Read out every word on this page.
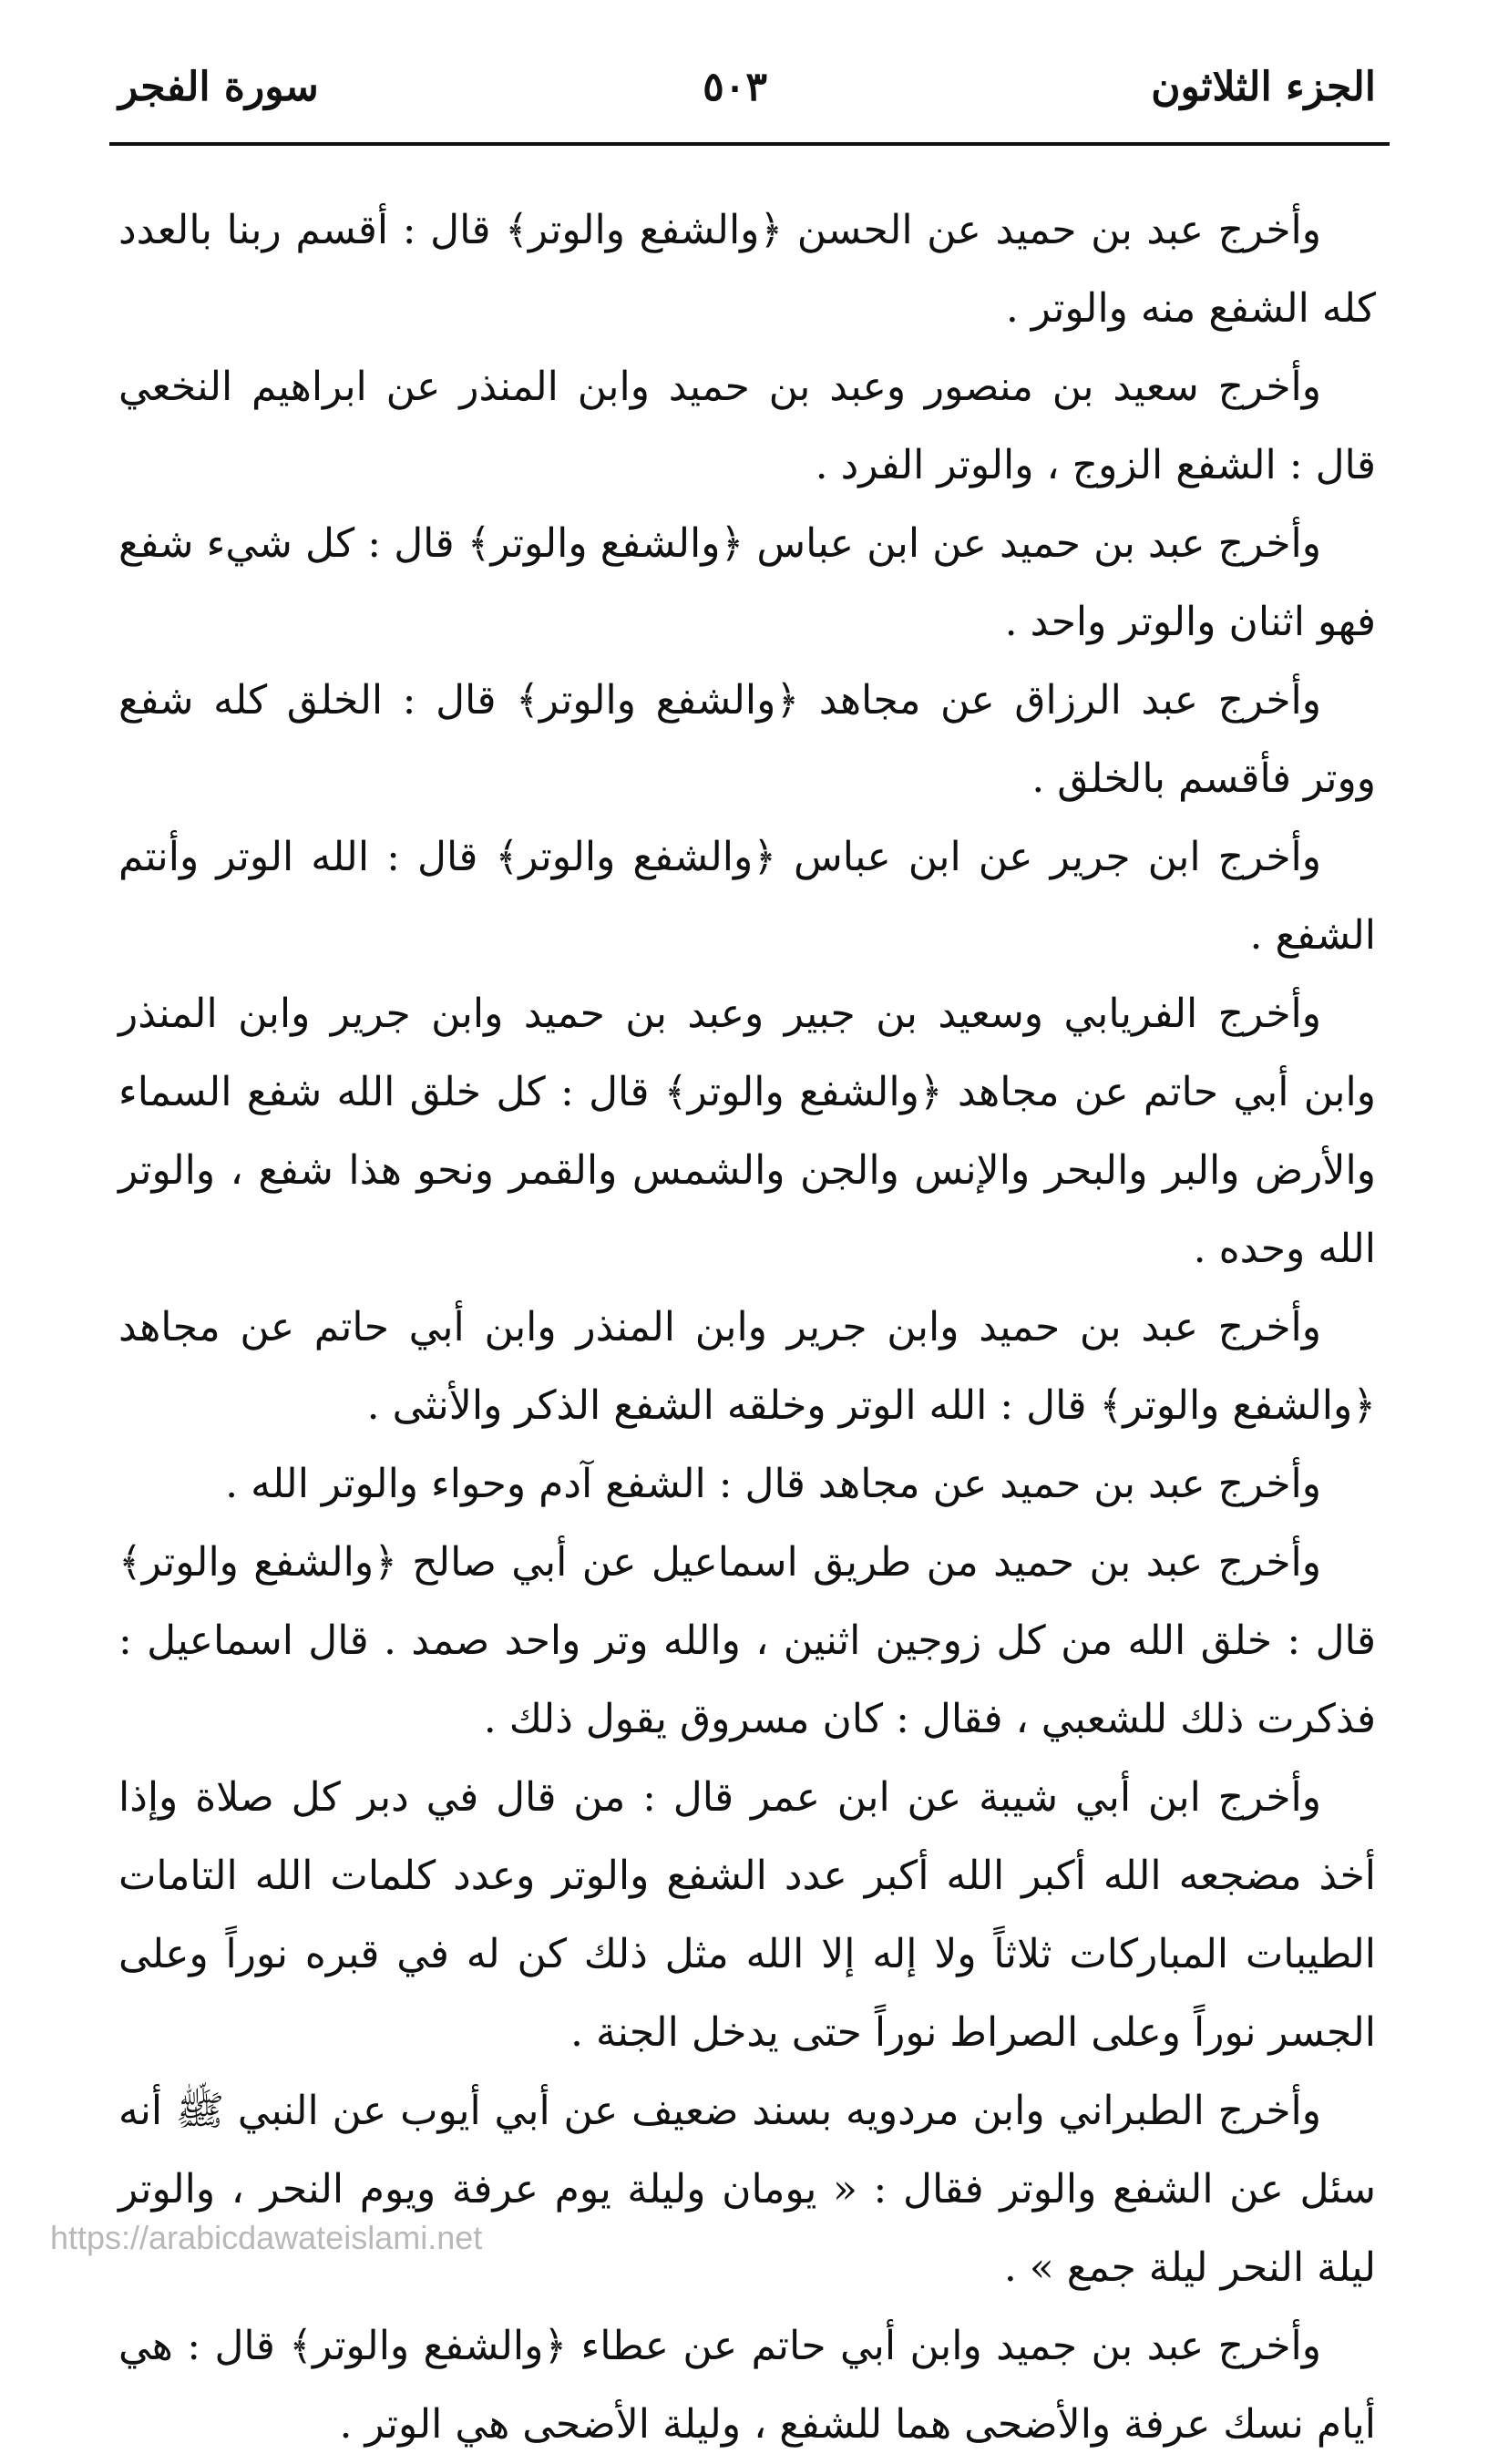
الجزء الثلاثون
٥٠٣
سورة الفجر

وأخرج عبد بن حميد عن الحسن ﴿والشفع والوتر﴾ قال : أقسم ربنا بالعدد كله الشفع منه والوتر .

وأخرج سعيد بن منصور وعبد بن حميد وابن المنذر عن ابراهيم النخعي قال : الشفع الزوج ، والوتر الفرد .

وأخرج عبد بن حميد عن ابن عباس ﴿والشفع والوتر﴾ قال : كل شيء شفع فهو اثنان والوتر واحد .

وأخرج عبد الرزاق عن مجاهد ﴿والشفع والوتر﴾ قال : الخلق كله شفع ووتر فأقسم بالخلق .

وأخرج ابن جرير عن ابن عباس ﴿والشفع والوتر﴾ قال : الله الوتر وأنتم الشفع .

وأخرج الفريابي وسعيد بن جبير وعبد بن حميد وابن جرير وابن المنذر وابن أبي حاتم عن مجاهد ﴿والشفع والوتر﴾ قال : كل خلق الله شفع السماء والأرض والبر والبحر والإنس والجن والشمس والقمر ونحو هذا شفع ، والوتر الله وحده .

وأخرج عبد بن حميد وابن جرير وابن المنذر وابن أبي حاتم عن مجاهد ﴿والشفع والوتر﴾ قال : الله الوتر وخلقه الشفع الذكر والأنثى .

وأخرج عبد بن حميد عن مجاهد قال : الشفع آدم وحواء والوتر الله .

وأخرج عبد بن حميد من طريق اسماعيل عن أبي صالح ﴿والشفع والوتر﴾ قال : خلق الله من كل زوجين اثنين ، والله وتر واحد صمد . قال اسماعيل : فذكرت ذلك للشعبي ، فقال : كان مسروق يقول ذلك .

وأخرج ابن أبي شيبة عن ابن عمر قال : من قال في دبر كل صلاة وإذا أخذ مضجعه الله أكبر الله أكبر عدد الشفع والوتر وعدد كلمات الله التامات الطيبات المباركات ثلاثاً ولا إله إلا الله مثل ذلك كن له في قبره نوراً وعلى الجسر نوراً وعلى الصراط نوراً حتى يدخل الجنة .

وأخرج الطبراني وابن مردويه بسند ضعيف عن أبي أيوب عن النبي ﷺ أنه سئل عن الشفع والوتر فقال : « يومان وليلة يوم عرفة ويوم النحر ، والوتر ليلة النحر ليلة جمع » .

وأخرج عبد بن جميد وابن أبي حاتم عن عطاء ﴿والشفع والوتر﴾ قال : هي أيام نسك عرفة والأضحى هما للشفع ، وليلة الأضحى هي الوتر .

https://arabicdawateislami.net
